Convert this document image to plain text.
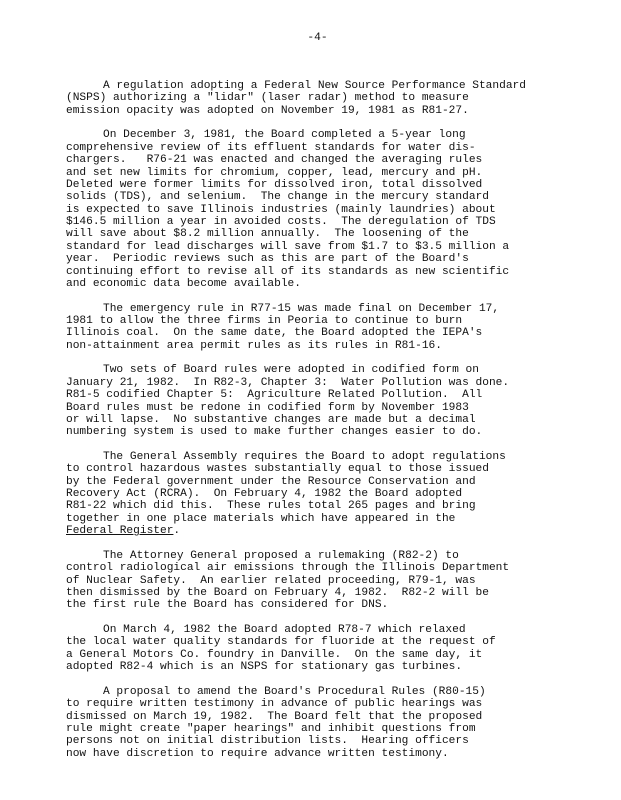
-4-
A regulation adopting a Federal New Source Performance Standard
(NSPS) authorizing a "lidar" (laser radar) method to measure
emission opacity was adopted on November 19, 1981 as R81-27.
On December 3, 1981, the Board completed a 5-year long
comprehensive review of its effluent standards for water dis-
chargers.   R76-21 was enacted and changed the averaging rules
and set new limits for chromium, copper, lead, mercury and pH.
Deleted were former limits for dissolved iron, total dissolved
solids (TDS), and selenium.  The change in the mercury standard
is expected to save Illinois industries (mainly laundries) about
$146.5 million a year in avoided costs.  The deregulation of TDS
will save about $8.2 million annually.  The loosening of the
standard for lead discharges will save from $1.7 to $3.5 million a
year.  Periodic reviews such as this are part of the Board's
continuing effort to revise all of its standards as new scientific
and economic data become available.
The emergency rule in R77-15 was made final on December 17,
1981 to allow the three firms in Peoria to continue to burn
Illinois coal.  On the same date, the Board adopted the IEPA's
non-attainment area permit rules as its rules in R81-16.
Two sets of Board rules were adopted in codified form on
January 21, 1982.  In R82-3, Chapter 3:  Water Pollution was done.
R81-5 codified Chapter 5:  Agriculture Related Pollution.  All
Board rules must be redone in codified form by November 1983
or will lapse.  No substantive changes are made but a decimal
numbering system is used to make further changes easier to do.
The General Assembly requires the Board to adopt regulations
to control hazardous wastes substantially equal to those issued
by the Federal government under the Resource Conservation and
Recovery Act (RCRA).  On February 4, 1982 the Board adopted
R81-22 which did this.  These rules total 265 pages and bring
together in one place materials which have appeared in the
Federal Register.
The Attorney General proposed a rulemaking (R82-2) to
control radiological air emissions through the Illinois Department
of Nuclear Safety.  An earlier related proceeding, R79-1, was
then dismissed by the Board on February 4, 1982.  R82-2 will be
the first rule the Board has considered for DNS.
On March 4, 1982 the Board adopted R78-7 which relaxed
the local water quality standards for fluoride at the request of
a General Motors Co. foundry in Danville.  On the same day, it
adopted R82-4 which is an NSPS for stationary gas turbines.
A proposal to amend the Board's Procedural Rules (R80-15)
to require written testimony in advance of public hearings was
dismissed on March 19, 1982.  The Board felt that the proposed
rule might create "paper hearings" and inhibit questions from
persons not on initial distribution lists.  Hearing officers
now have discretion to require advance written testimony.
